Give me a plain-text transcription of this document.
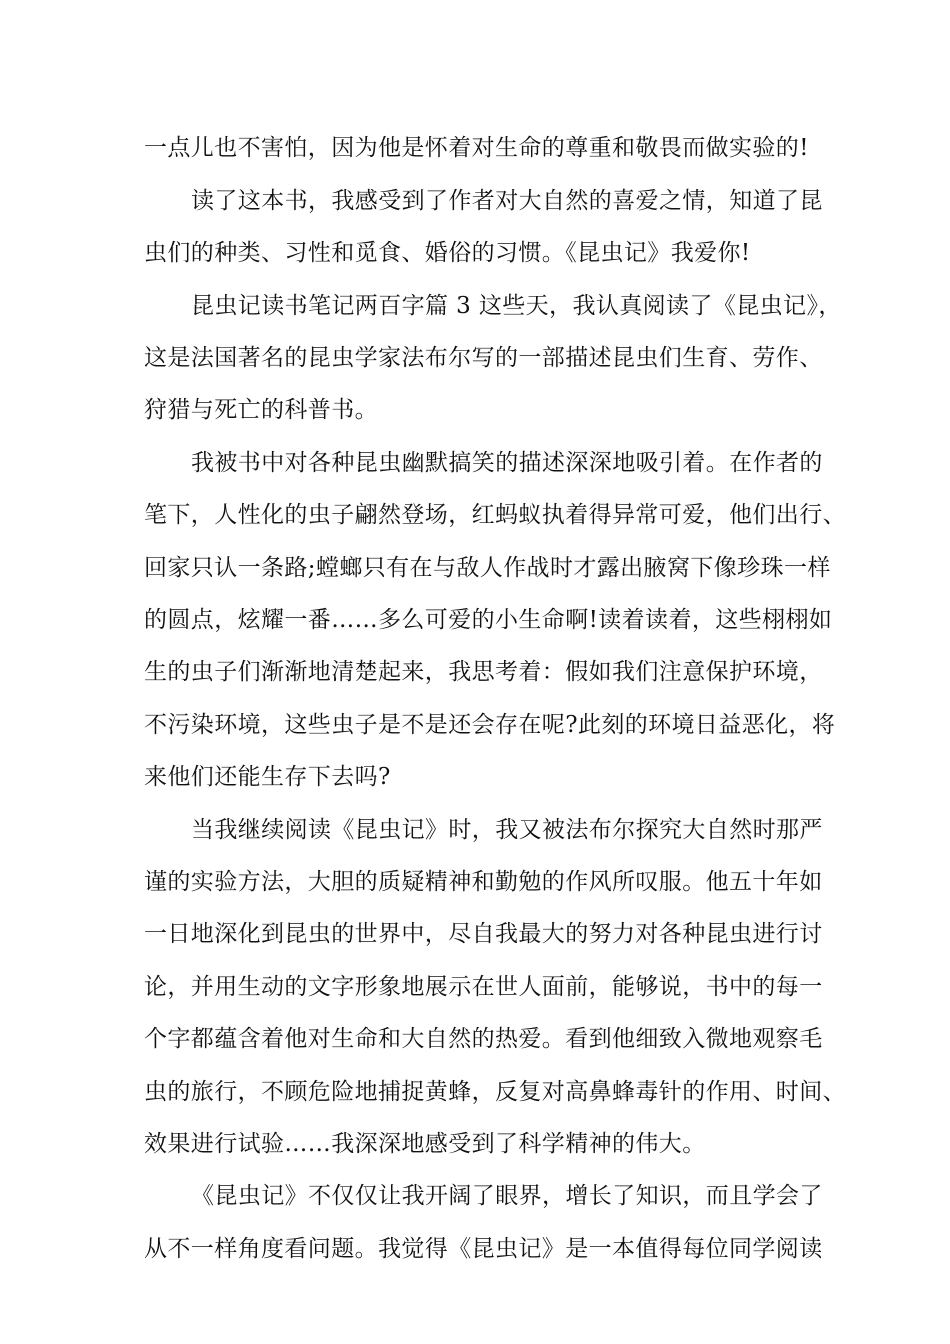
一点儿也不害怕，因为他是怀着对生命的尊重和敬畏而做实验的!
读了这本书，我感受到了作者对大自然的喜爱之情，知道了昆
虫们的种类、习性和觅食、婚俗的习惯。《昆虫记》我爱你!
昆虫记读书笔记两百字篇 3 这些天，我认真阅读了《昆虫记》，
这是法国著名的昆虫学家法布尔写的一部描述昆虫们生育、劳作、
狩猎与死亡的科普书。
我被书中对各种昆虫幽默搞笑的描述深深地吸引着。在作者的
笔下，人性化的虫子翩然登场，红蚂蚁执着得异常可爱，他们出行、
回家只认一条路;螳螂只有在与敌人作战时才露出腋窝下像珍珠一样
的圆点，炫耀一番……多么可爱的小生命啊!读着读着，这些栩栩如
生的虫子们渐渐地清楚起来，我思考着：假如我们注意保护环境，
不污染环境，这些虫子是不是还会存在呢?此刻的环境日益恶化，将
来他们还能生存下去吗?
当我继续阅读《昆虫记》时，我又被法布尔探究大自然时那严
谨的实验方法，大胆的质疑精神和勤勉的作风所叹服。他五十年如
一日地深化到昆虫的世界中，尽自我最大的努力对各种昆虫进行讨
论，并用生动的文字形象地展示在世人面前，能够说，书中的每一
个字都蕴含着他对生命和大自然的热爱。看到他细致入微地观察毛
虫的旅行，不顾危险地捕捉黄蜂，反复对高鼻蜂毒针的作用、时间、
效果进行试验……我深深地感受到了科学精神的伟大。
《昆虫记》不仅仅让我开阔了眼界，增长了知识，而且学会了
从不一样角度看问题。我觉得《昆虫记》是一本值得每位同学阅读
